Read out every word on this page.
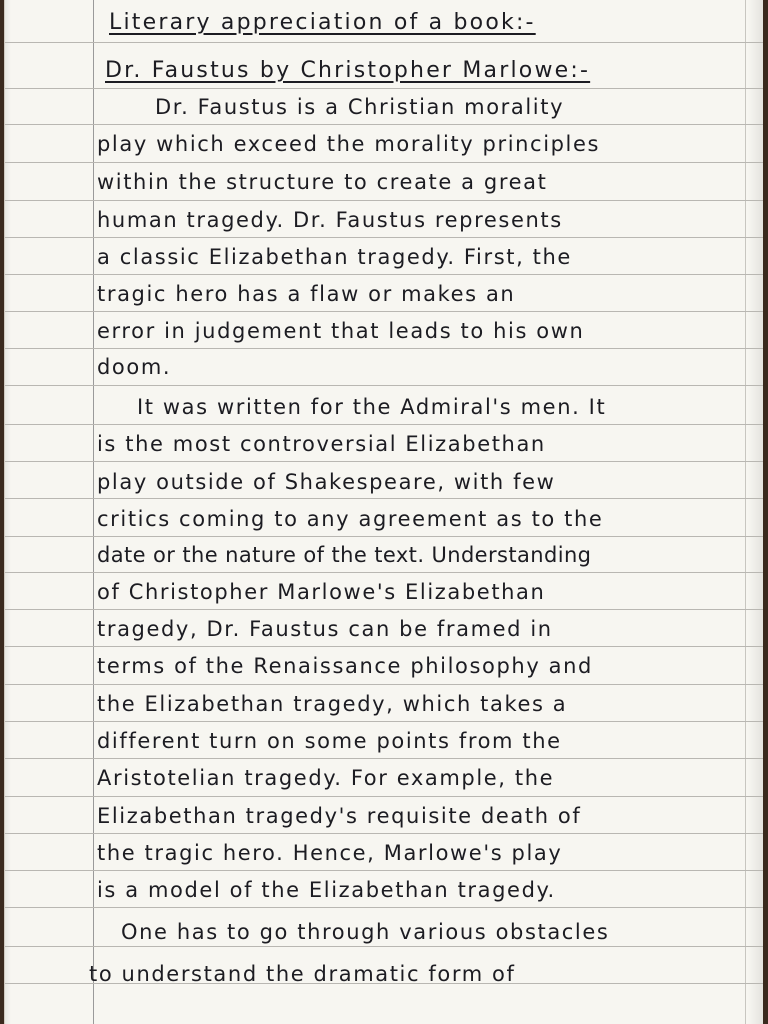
Literary appreciation of a book:-
Dr. Faustus by Christopher Marlowe:-
Dr. Faustus is a Christian morality
play which exceed the morality principles
within the structure to create a great
human tragedy. Dr. Faustus represents
a classic Elizabethan tragedy. First, the
tragic hero has a flaw or makes an
error in judgement that leads to his own
doom.
It was written for the Admiral's men. It
is the most controversial Elizabethan
play outside of Shakespeare, with few
critics coming to any agreement as to the
date or the nature of the text. Understanding
of Christopher Marlowe's Elizabethan
tragedy, Dr. Faustus can be framed in
terms of the Renaissance philosophy and
the Elizabethan tragedy, which takes a
different turn on some points from the
Aristotelian tragedy. For example, the
Elizabethan tragedy's requisite death of
the tragic hero. Hence, Marlowe's play
is a model of the Elizabethan tragedy.
One has to go through various obstacles
to understand the dramatic form of
